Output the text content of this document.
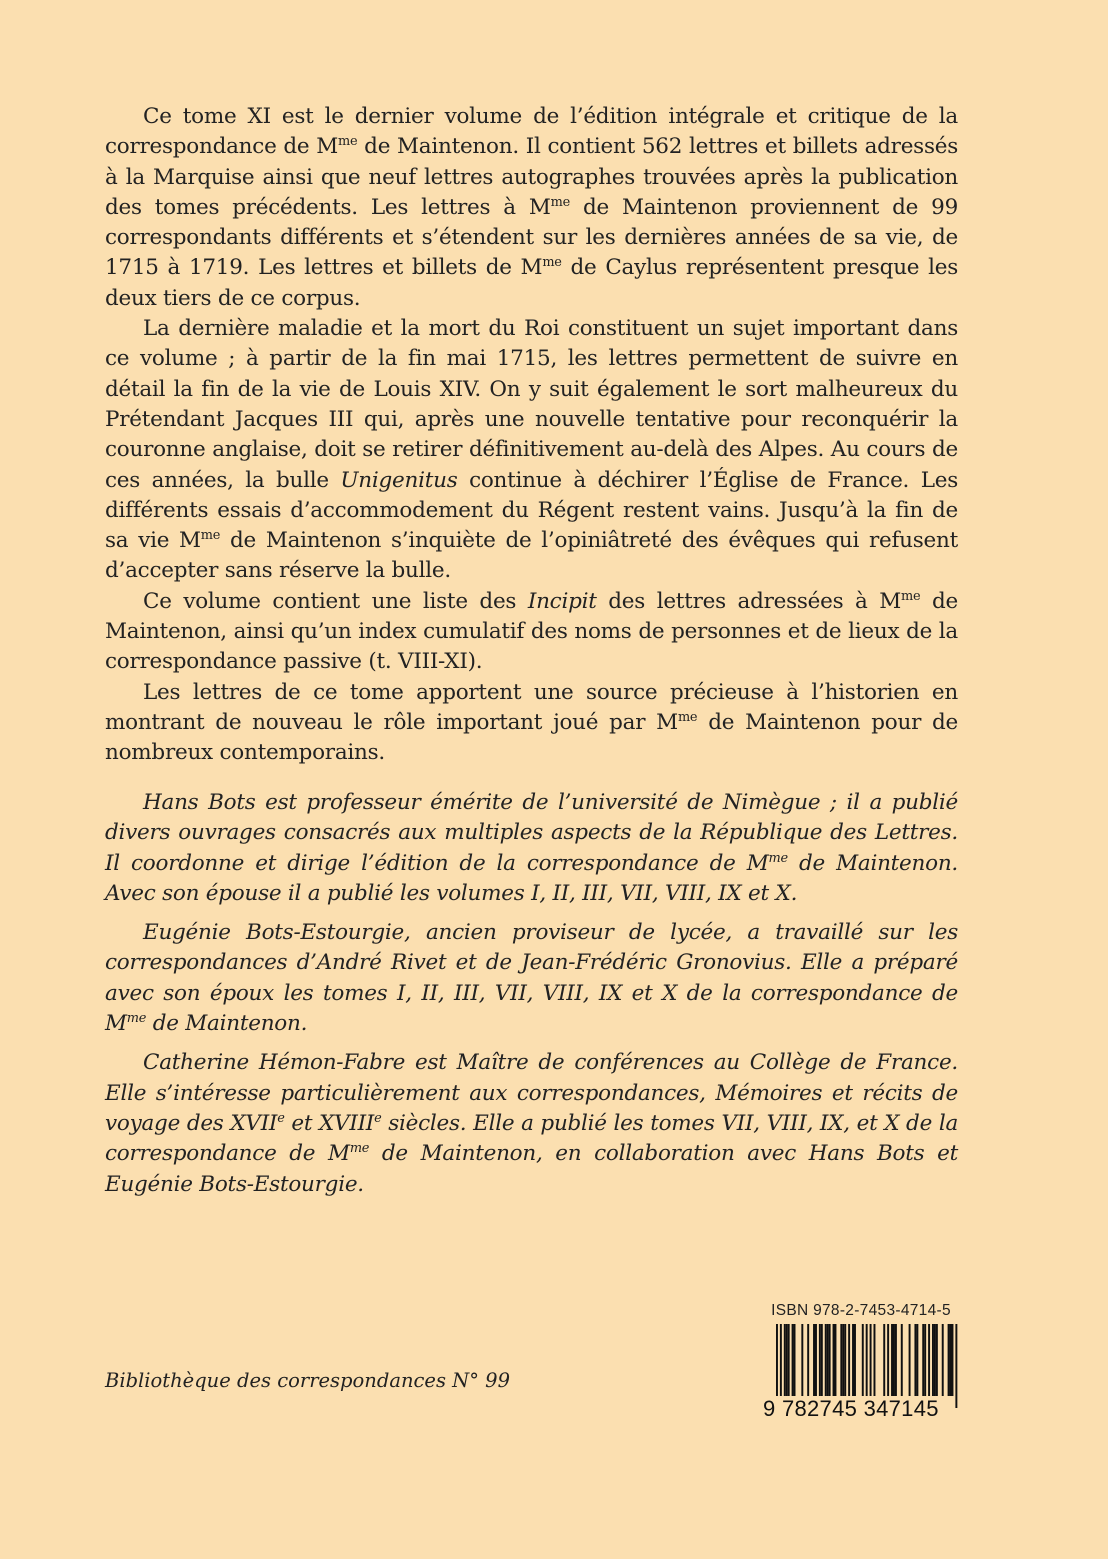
Ce tome XI est le dernier volume de l’édition intégrale et critique de la correspondance de $M^{me}$ de Maintenon. Il contient 562 lettres et billets adressés à la Marquise ainsi que neuf lettres autographes trouvées après la publication des tomes précédents. Les lettres à $M^{me}$ de Maintenon proviennent de 99 correspondants différents et s’étendent sur les dernières années de sa vie, de 1715 à 1719. Les lettres et billets de $M^{me}$ de Caylus représentent presque les deux tiers de ce corpus.

La dernière maladie et la mort du Roi constituent un sujet important dans ce volume ; à partir de la fin mai 1715, les lettres permettent de suivre en détail la fin de la vie de Louis XIV. On y suit également le sort malheureux du Prétendant Jacques III qui, après une nouvelle tentative pour reconquérir la couronne anglaise, doit se retirer définitivement au-delà des Alpes. Au cours de ces années, la bulle Unigenitus continue à déchirer l’Église de France. Les différents essais d’accommodement du Régent restent vains. Jusqu’à la fin de sa vie $M^{me}$ de Maintenon s’inquiète de l’opiniâtreté des évêques qui refusent d’accepter sans réserve la bulle.

Ce volume contient une liste des Incipit des lettres adressées à $M^{me}$ de Maintenon, ainsi qu’un index cumulatif des noms de personnes et de lieux de la correspondance passive (t. VIII-XI).

Les lettres de ce tome apportent une source précieuse à l’historien en montrant de nouveau le rôle important joué par $M^{me}$ de Maintenon pour de nombreux contemporains.

Hans Bots est professeur émérite de l’université de Nimègue ; il a publié divers ouvrages consacrés aux multiples aspects de la République des Lettres. Il coordonne et dirige l’édition de la correspondance de $M^{me}$ de Maintenon. Avec son épouse il a publié les volumes I, II, III, VII, VIII, IX et X.

Eugénie Bots-Estourgie, ancien proviseur de lycée, a travaillé sur les correspondances d’André Rivet et de Jean-Frédéric Gronovius. Elle a préparé avec son époux les tomes I, II, III, VII, VIII, IX et X de la correspondance de $M^{me}$ de Maintenon.

Catherine Hémon-Fabre est Maître de conférences au Collège de France. Elle s’intéresse particulièrement aux correspondances, Mémoires et récits de voyage des XVIIe et XVIIIe siècles. Elle a publié les tomes VII, VIII, IX, et X de la correspondance de $M^{me}$ de Maintenon, en collaboration avec Hans Bots et Eugénie Bots-Estourgie.

Bibliothèque des correspondances N° 99
ISBN 978-2-7453-4714-5
9 782745 347145
